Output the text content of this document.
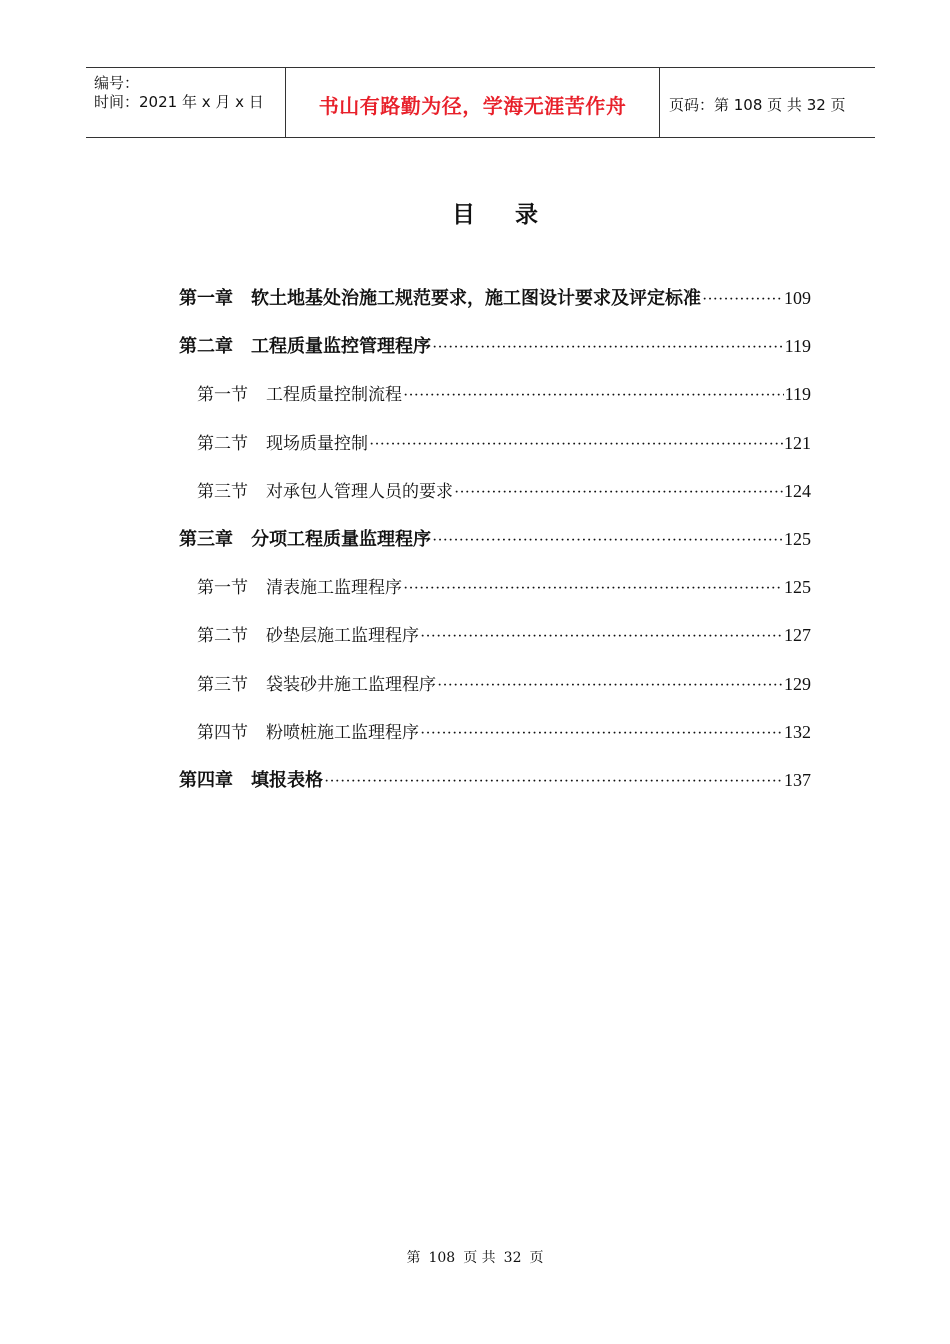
编号：
时间：2021 年 x 月 x 日	书山有路勤为径，学海无涯苦作舟	页码：第 108 页 共 32 页
目录
第一章 软土地基处治施工规范要求，施工图设计要求及评定标准 ·····	109
第二章 工程质量监控管理程序 ·····	119
第一节 工程质量控制流程 ·····	119
第二节 现场质量控制 ·····	121
第三节 对承包人管理人员的要求 ·····	124
第三章 分项工程质量监理程序 ·····	125
第一节 清表施工监理程序 ·····	125
第二节 砂垫层施工监理程序 ·····	127
第三节 袋装砂井施工监理程序 ·····	129
第四节 粉喷桩施工监理程序 ·····	132
第四章 填报表格 ·····	137
第 108 页 共 32 页
